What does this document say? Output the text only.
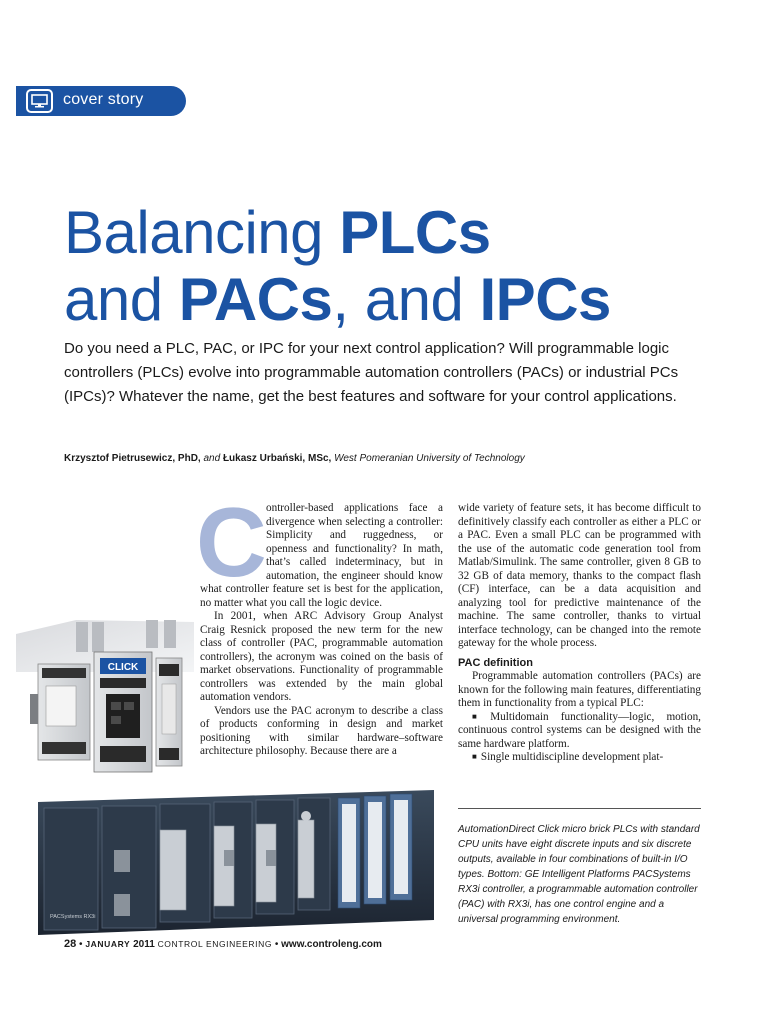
cover story
Balancing PLCs
and PACs, and IPCs
Do you need a PLC, PAC, or IPC for your next control application? Will programmable logic controllers (PLCs) evolve into programmable automation controllers (PACs) or industrial PCs (IPCs)? Whatever the name, get the best features and software for your control applications.
Krzysztof Pietrusewicz, PhD, and Łukasz Urbański, MSc, West Pomeranian University of Technology
C ontroller-based applications face a divergence when selecting a controller: Simplicity and ruggedness, or openness and functionality? In math, that’s called indeterminacy, but in automation, the engineer should know what controller feature set is best for the application, no matter what you call the logic device.

In 2001, when ARC Advisory Group Analyst Craig Resnick proposed the new term for the new class of controller (PAC, programmable automation controllers), the acronym was coined on the basis of market observations. Functionality of programmable controllers was extended by the main global automation vendors.

Vendors use the PAC acronym to describe a class of products conforming in design and market positioning with similar hardware–software architecture philosophy. Because there are a

wide variety of feature sets, it has become difficult to definitively classify each controller as either a PLC or a PAC. Even a small PLC can be programmed with the use of the automatic code generation tool from Matlab/Simulink. The same controller, given 8 GB to 32 GB of data memory, thanks to the compact flash (CF) interface, can be a data acquisition and analyzing tool for predictive maintenance of the machine. The same controller, thanks to virtual interface technology, can be changed into the remote gateway for the whole process.

PAC definition

Programmable automation controllers (PACs) are known for the following main features, differentiating them in functionality from a typical PLC:

■ Multidomain functionality—logic, motion, continuous control systems can be designed with the same hardware platform.

■ Single multidiscipline development plat-

AutomationDirect Click micro brick PLCs with standard CPU units have eight discrete inputs and six discrete outputs, available in four combinations of built-in I/O types. Bottom: GE Intelligent Platforms PACSystems RX3i controller, a programmable automation controller (PAC) with RX3i, has one control engine and a universal programming environment.
CLICK
PACSystems RX3i
28 • JANUARY 2011 CONTROL ENGINEERING • www.controleng.com
